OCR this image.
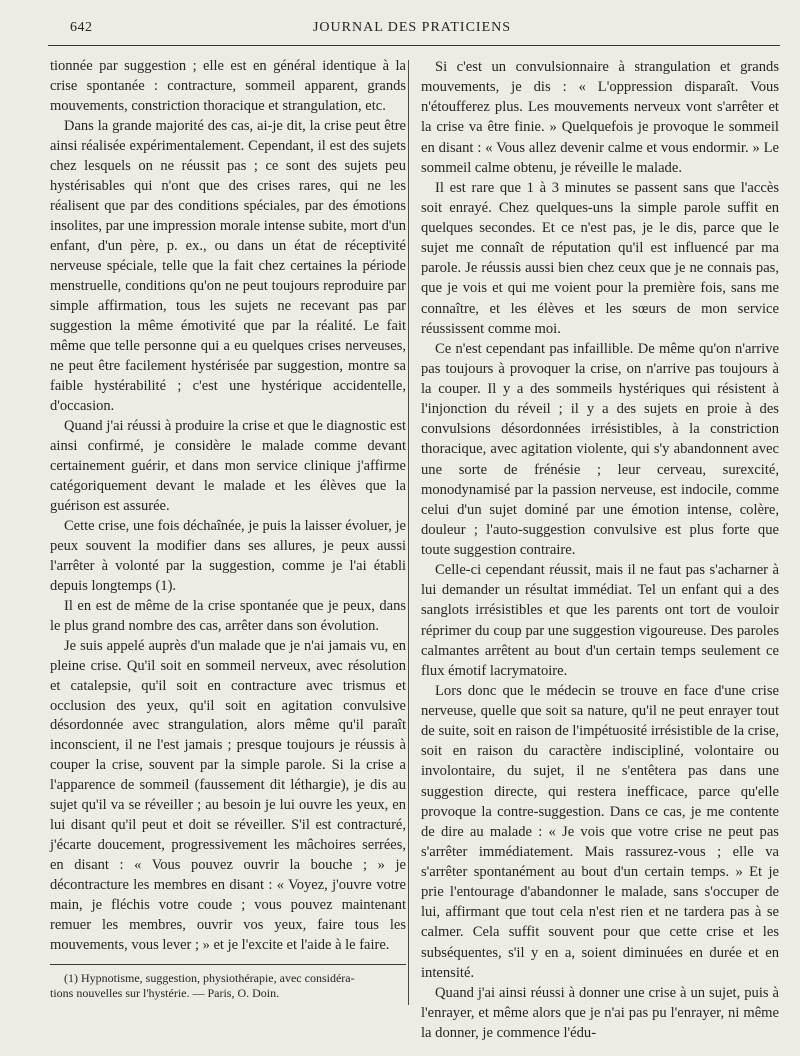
642	JOURNAL DES PRATICIENS

tionnée par suggestion ; elle est en général identique à la crise spontanée : contracture, sommeil apparent, grands mouvements, constriction thoracique et strangulation, etc.

Dans la grande majorité des cas, ai-je dit, la crise peut être ainsi réalisée expérimentalement. Cependant, il est des sujets chez lesquels on ne réussit pas ; ce sont des sujets peu hystérisables qui n'ont que des crises rares, qui ne les réalisent que par des conditions spéciales, par des émotions insolites, par une impression morale intense subite, mort d'un enfant, d'un père, p. ex., ou dans un état de réceptivité nerveuse spéciale, telle que la fait chez certaines la période menstruelle, conditions qu'on ne peut toujours reproduire par simple affirmation, tous les sujets ne recevant pas par suggestion la même émotivité que par la réalité. Le fait même que telle personne qui a eu quelques crises nerveuses, ne peut être facilement hystérisée par suggestion, montre sa faible hystérabilité ; c'est une hystérique accidentelle, d'occasion.

Quand j'ai réussi à produire la crise et que le diagnostic est ainsi confirmé, je considère le malade comme devant certainement guérir, et dans mon service clinique j'affirme catégoriquement devant le malade et les élèves que la guérison est assurée.

Cette crise, une fois déchaînée, je puis la laisser évoluer, je peux souvent la modifier dans ses allures, je peux aussi l'arrêter à volonté par la suggestion, comme je l'ai établi depuis longtemps (1).

Il en est de même de la crise spontanée que je peux, dans le plus grand nombre des cas, arrêter dans son évolution.

Je suis appelé auprès d'un malade que je n'ai jamais vu, en pleine crise. Qu'il soit en sommeil nerveux, avec résolution et catalepsie, qu'il soit en contracture avec trismus et occlusion des yeux, qu'il soit en agitation convulsive désordonnée avec strangulation, alors même qu'il paraît inconscient, il ne l'est jamais ; presque toujours je réussis à couper la crise, souvent par la simple parole. Si la crise a l'apparence de sommeil (faussement dit léthargie), je dis au sujet qu'il va se réveiller ; au besoin je lui ouvre les yeux, en lui disant qu'il peut et doit se réveiller. S'il est contracturé, j'écarte doucement, progressivement les mâchoires serrées, en disant : « Vous pouvez ouvrir la bouche ; » je décontracture les membres en disant : « Voyez, j'ouvre votre main, je fléchis votre coude ; vous pouvez maintenant remuer les membres, ouvrir vos yeux, faire tous les mouvements, vous lever ; » et je l'excite et l'aide à le faire.

Si c'est un convulsionnaire à strangulation et grands mouvements, je dis : « L'oppression disparaît. Vous n'étoufferez plus. Les mouvements nerveux vont s'arrêter et la crise va être finie. » Quelquefois je provoque le sommeil en disant : « Vous allez devenir calme et vous endormir. » Le sommeil calme obtenu, je réveille le malade.

Il est rare que 1 à 3 minutes se passent sans que l'accès soit enrayé. Chez quelques-uns la simple parole suffit en quelques secondes. Et ce n'est pas, je le dis, parce que le sujet me connaît de réputation qu'il est influencé par ma parole. Je réussis aussi bien chez ceux que je ne connais pas, que je vois et qui me voient pour la première fois, sans me connaître, et les élèves et les sœurs de mon service réussissent comme moi.

Ce n'est cependant pas infaillible. De même qu'on n'arrive pas toujours à provoquer la crise, on n'arrive pas toujours à la couper. Il y a des sommeils hystériques qui résistent à l'injonction du réveil ; il y a des sujets en proie à des convulsions désordonnées irrésistibles, à la constriction thoracique, avec agitation violente, qui s'y abandonnent avec une sorte de frénésie ; leur cerveau, surexcité, monodynamisé par la passion nerveuse, est indocile, comme celui d'un sujet dominé par une émotion intense, colère, douleur ; l'auto-suggestion convulsive est plus forte que toute suggestion contraire.

Celle-ci cependant réussit, mais il ne faut pas s'acharner à lui demander un résultat immédiat. Tel un enfant qui a des sanglots irrésistibles et que les parents ont tort de vouloir réprimer du coup par une suggestion vigoureuse. Des paroles calmantes arrêtent au bout d'un certain temps seulement ce flux émotif lacrymatoire.

Lors donc que le médecin se trouve en face d'une crise nerveuse, quelle que soit sa nature, qu'il ne peut enrayer tout de suite, soit en raison de l'impétuosité irrésistible de la crise, soit en raison du caractère indiscipliné, volontaire ou involontaire, du sujet, il ne s'entêtera pas dans une suggestion directe, qui restera inefficace, parce qu'elle provoque la contre-suggestion. Dans ce cas, je me contente de dire au malade : « Je vois que votre crise ne peut pas s'arrêter immédiatement. Mais rassurez-vous ; elle va s'arrêter spontanément au bout d'un certain temps. » Et je prie l'entourage d'abandonner le malade, sans s'occuper de lui, affirmant que tout cela n'est rien et ne tardera pas à se calmer. Cela suffit souvent pour que cette crise et les subséquentes, s'il y en a, soient diminuées en durée et en intensité.

Quand j'ai ainsi réussi à donner une crise à un sujet, puis à l'enrayer, et même alors que je n'ai pas pu l'enrayer, ni même la donner, je commence l'édu-

(1) Hypnotisme, suggestion, physiothérapie, avec considéra-
tions nouvelles sur l'hystérie. — Paris, O. Doin.
